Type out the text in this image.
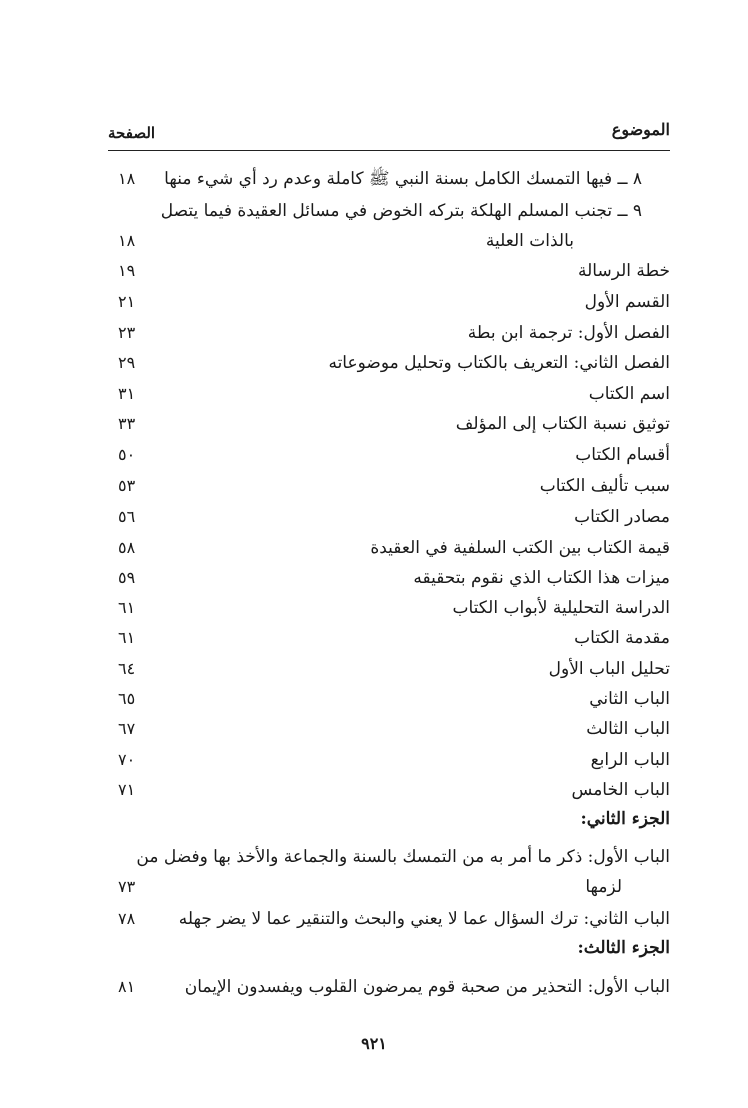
الموضوع
الصفحة
٨ ــ فيها التمسك الكامل بسنة النبي ﷺ كاملة وعدم رد أي شيء منها
١٨
٩ ــ تجنب المسلم الهلكة بتركه الخوض في مسائل العقيدة فيما يتصل
بالذات العلية
١٨
خطة الرسالة
١٩
القسم الأول
٢١
الفصل الأول: ترجمة ابن بطة
٢٣
الفصل الثاني: التعريف بالكتاب وتحليل موضوعاته
٢٩
اسم الكتاب
٣١
توثيق نسبة الكتاب إلى المؤلف
٣٣
أقسام الكتاب
٥٠
سبب تأليف الكتاب
٥٣
مصادر الكتاب
٥٦
قيمة الكتاب بين الكتب السلفية في العقيدة
٥٨
ميزات هذا الكتاب الذي نقوم بتحقيقه
٥٩
الدراسة التحليلية لأبواب الكتاب
٦١
مقدمة الكتاب
٦١
تحليل الباب الأول
٦٤
الباب الثاني
٦٥
الباب الثالث
٦٧
الباب الرابع
٧٠
الباب الخامس
٧١
الجزء الثاني:
الباب الأول: ذكر ما أمر به من التمسك بالسنة والجماعة والأخذ بها وفضل من
لزمها
٧٣
الباب الثاني: ترك السؤال عما لا يعني والبحث والتنقير عما لا يضر جهله
٧٨
الجزء الثالث:
الباب الأول: التحذير من صحبة قوم يمرضون القلوب ويفسدون الإيمان
٨١
٩٢١
